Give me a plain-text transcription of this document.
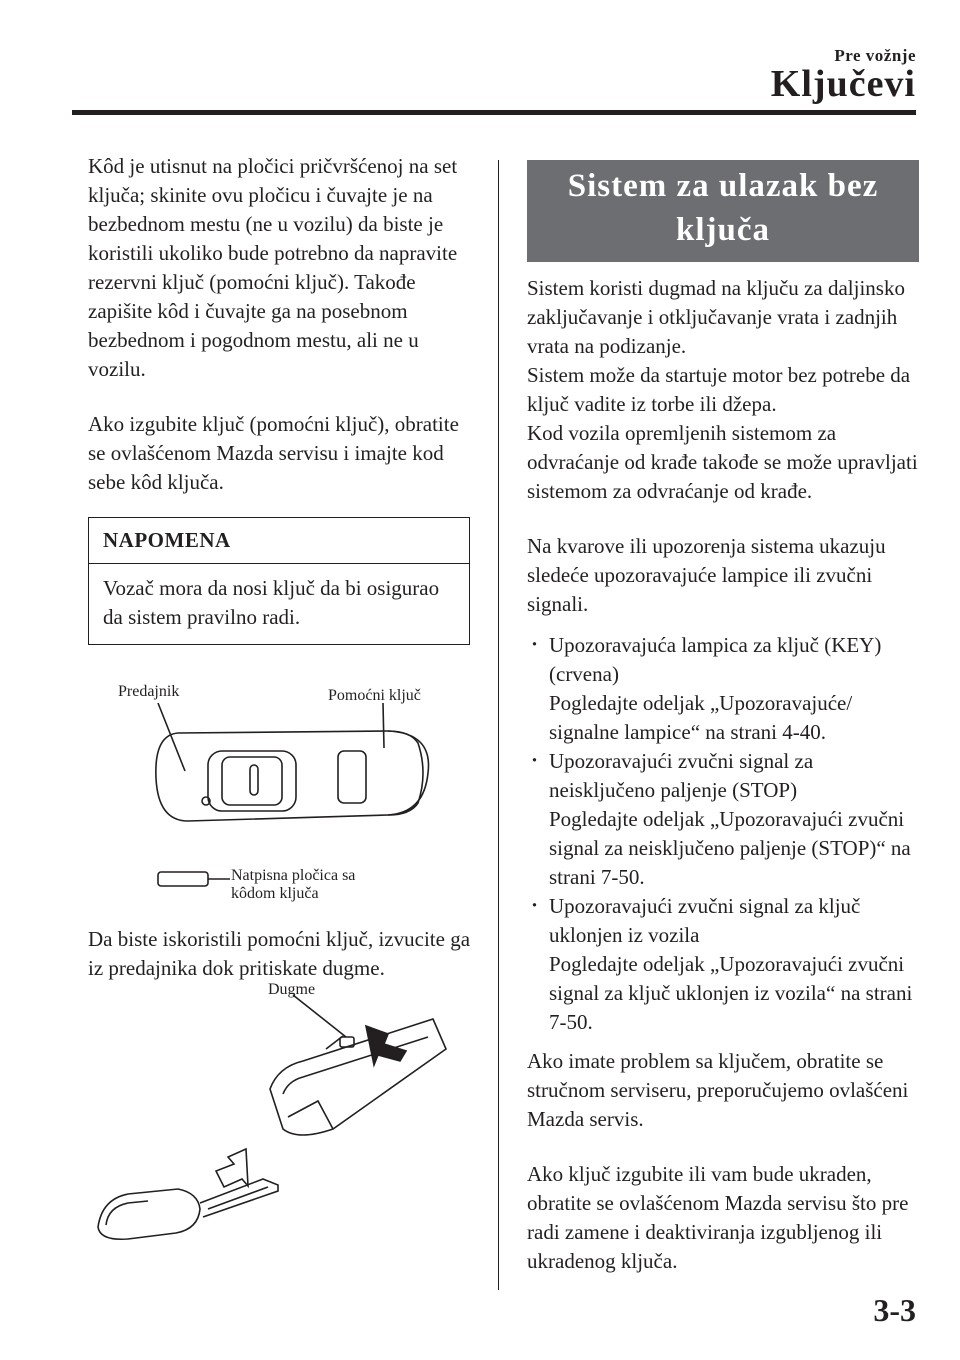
Pre vožnje
Ključevi

Kôd je utisnut na pločici pričvršćenoj na set ključa; skinite ovu pločicu i čuvajte je na bezbednom mestu (ne u vozilu) da biste je koristili ukoliko bude potrebno da napravite rezervni ključ (pomoćni ključ). Takođe zapišite kôd i čuvajte ga na posebnom bezbednom i pogodnom mestu, ali ne u vozilu.

Ako izgubite ključ (pomoćni ključ), obratite se ovlašćenom Mazda servisu i imajte kod sebe kôd ključa.

NAPOMENA
Vozač mora da nosi ključ da bi osigurao da sistem pravilno radi.
Predajnik	Pomoćni ključ
Natpisna pločica sa
kôdom ključa

Da biste iskoristili pomoćni ključ, izvucite ga iz predajnika dok pritiskate dugme.

Dugme
Sistem za ulazak bez
ključa

Sistem koristi dugmad na ključu za daljinsko zaključavanje i otključavanje vrata i zadnjih vrata na podizanje.

Sistem može da startuje motor bez potrebe da ključ vadite iz torbe ili džepa.

Kod vozila opremljenih sistemom za odvraćanje od krađe takođe se može upravljati sistemom za odvraćanje od krađe.

Na kvarove ili upozorenja sistema ukazuju sledeće upozoravajuće lampice ili zvučni signali.

· Upozoravajuća lampica za ključ (KEY) (crvena)
Pogledajte odeljak „Upozoravajuće/ signalne lampice“ na strani 4-40.
· Upozoravajući zvučni signal za neisključeno paljenje (STOP)
Pogledajte odeljak „Upozoravajući zvučni signal za neisključeno paljenje (STOP)“ na strani 7-50.
· Upozoravajući zvučni signal za ključ uklonjen iz vozila
Pogledajte odeljak „Upozoravajući zvučni signal za ključ uklonjen iz vozila“ na strani 7-50.

Ako imate problem sa ključem, obratite se stručnom serviseru, preporučujemo ovlašćeni Mazda servis.

Ako ključ izgubite ili vam bude ukraden, obratite se ovlašćenom Mazda servisu što pre radi zamene i deaktiviranja izgubljenog ili ukradenog ključa.

3-3
